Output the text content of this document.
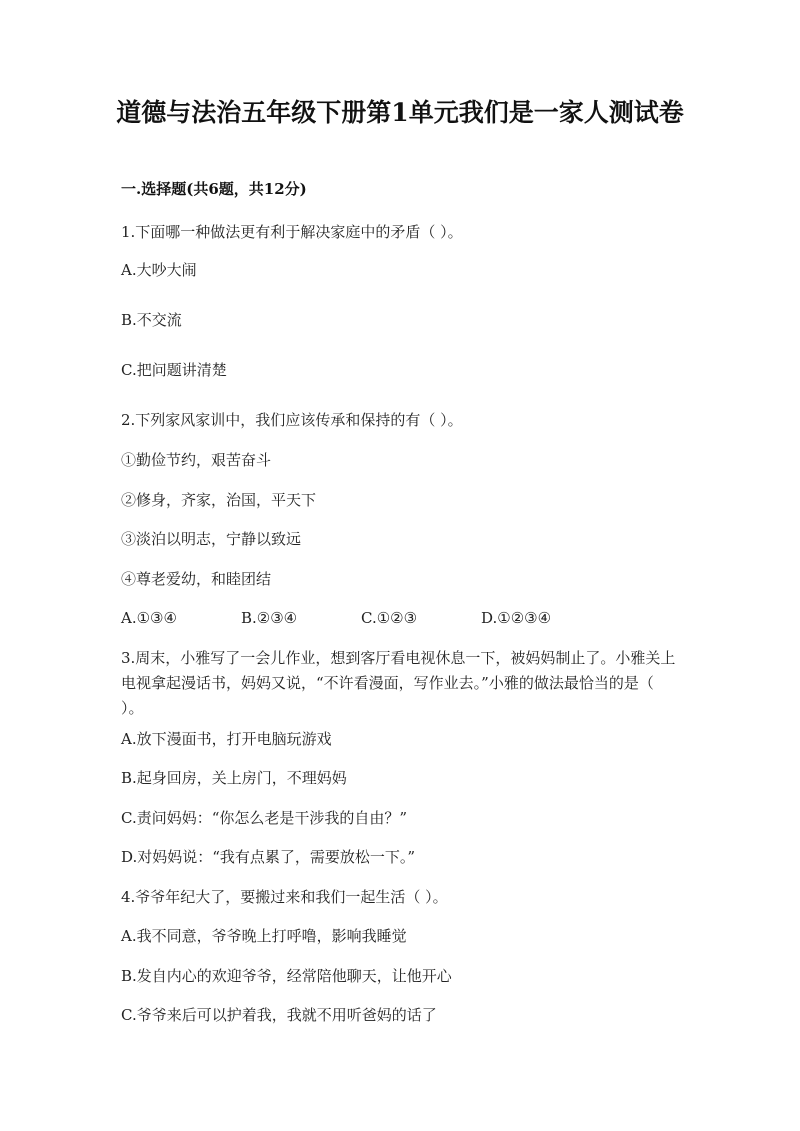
道德与法治五年级下册第1单元我们是一家人测试卷
一.选择题(共6题，共12分)
1.下面哪一种做法更有利于解决家庭中的矛盾（ ）。
A.大吵大闹
B.不交流
C.把问题讲清楚
2.下列家风家训中，我们应该传承和保持的有（ ）。
①勤俭节约，艰苦奋斗
②修身，齐家，治国，平天下
③淡泊以明志，宁静以致远
④尊老爱幼，和睦团结
A.①③④	B.②③④	C.①②③	D.①②③④
3.周末，小雅写了一会儿作业，想到客厅看电视休息一下，被妈妈制止了。小雅关上电视拿起漫话书，妈妈又说，“不许看漫面，写作业去。”小雅的做法最恰当的是（ ）。
A.放下漫面书，打开电脑玩游戏
B.起身回房，关上房门，不理妈妈
C.责问妈妈：“你怎么老是干涉我的自由？”
D.对妈妈说：“我有点累了，需要放松一下。”
4.爷爷年纪大了，要搬过来和我们一起生活（ ）。
A.我不同意，爷爷晚上打呼噜，影响我睡觉
B.发自内心的欢迎爷爷，经常陪他聊天，让他开心
C.爷爷来后可以护着我，我就不用听爸妈的话了
